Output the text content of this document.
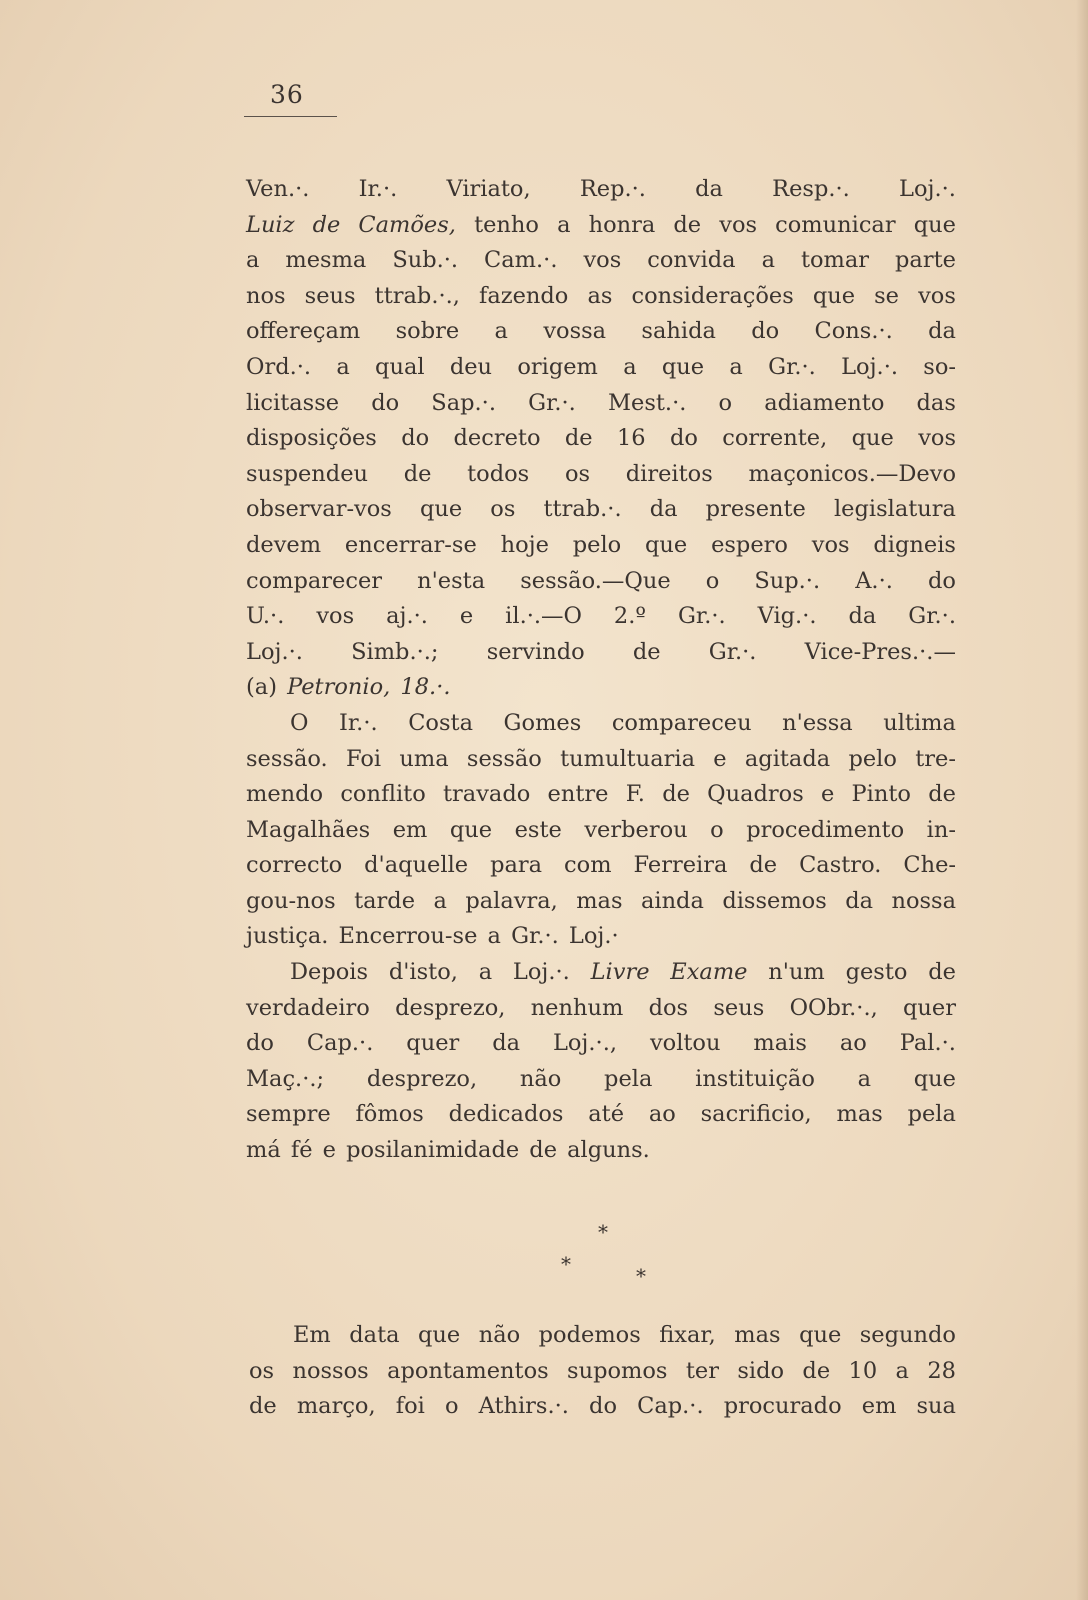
36
Ven.·. Ir.·. Viriato, Rep.·. da Resp.·. Loj.·.
Luiz de Camões, tenho a honra de vos comunicar que
a mesma Sub.·. Cam.·. vos convida a tomar parte
nos seus ttrab.·., fazendo as considerações que se vos
offereçam sobre a vossa sahida do Cons.·. da
Ord.·. a qual deu origem a que a Gr.·. Loj.·. so-
licitasse do Sap.·. Gr.·. Mest.·. o adiamento das
disposições do decreto de 16 do corrente, que vos
suspendeu de todos os direitos maçonicos.—Devo
observar-vos que os ttrab.·. da presente legislatura
devem encerrar-se hoje pelo que espero vos digneis
comparecer n'esta sessão.—Que o Sup.·. A.·. do
U.·. vos aj.·. e il.·.—O 2.º Gr.·. Vig.·. da Gr.·.
Loj.·. Simb.·.; servindo de Gr.·. Vice-Pres.·.—
(a) Petronio, 18.·.
O Ir.·. Costa Gomes compareceu n'essa ultima
sessão. Foi uma sessão tumultuaria e agitada pelo tre-
mendo conflito travado entre F. de Quadros e Pinto de
Magalhães em que este verberou o procedimento in-
correcto d'aquelle para com Ferreira de Castro. Che-
gou-nos tarde a palavra, mas ainda dissemos da nossa
justiça. Encerrou-se a Gr.·. Loj.·
Depois d'isto, a Loj.·. Livre Exame n'um gesto de
verdadeiro desprezo, nenhum dos seus OObr.·., quer
do Cap.·. quer da Loj.·., voltou mais ao Pal.·.
Maç.·.; desprezo, não pela instituição a que
sempre fômos dedicados até ao sacrificio, mas pela
má fé e posilanimidade de alguns.
*
*	*
Em data que não podemos fixar, mas que segundo
os nossos apontamentos supomos ter sido de 10 a 28
de março, foi o Athirs.·. do Cap.·. procurado em sua
